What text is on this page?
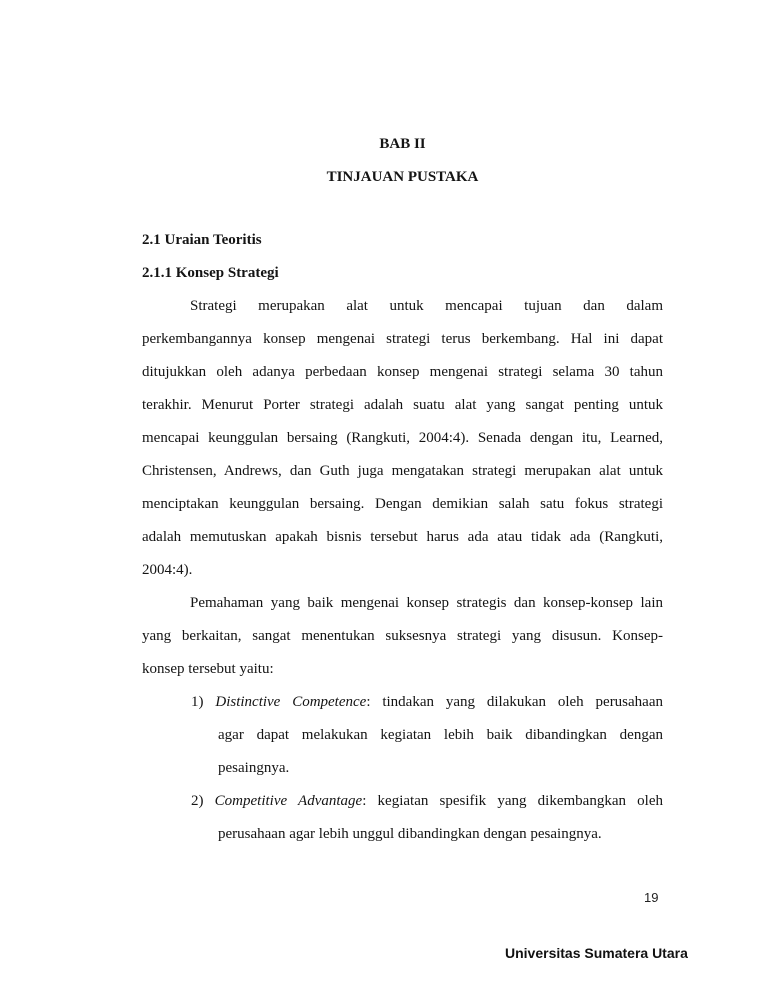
BAB II
TINJAUAN PUSTAKA
2.1 Uraian Teoritis
2.1.1 Konsep Strategi
Strategi merupakan alat untuk mencapai tujuan dan dalam
perkembangannya konsep mengenai strategi terus berkembang. Hal ini dapat
ditujukkan oleh adanya perbedaan konsep mengenai strategi selama 30 tahun
terakhir. Menurut Porter strategi adalah suatu alat yang sangat penting untuk
mencapai keunggulan bersaing (Rangkuti, 2004:4). Senada dengan itu, Learned,
Christensen, Andrews, dan Guth juga mengatakan strategi merupakan alat untuk
menciptakan keunggulan bersaing. Dengan demikian salah satu fokus strategi
adalah memutuskan apakah bisnis tersebut harus ada atau tidak ada (Rangkuti,
2004:4).
Pemahaman yang baik mengenai konsep strategis dan konsep-konsep lain
yang berkaitan, sangat menentukan suksesnya strategi yang disusun. Konsep-
konsep tersebut yaitu:
1) Distinctive Competence: tindakan yang dilakukan oleh perusahaan
agar dapat melakukan kegiatan lebih baik dibandingkan dengan
pesaingnya.
2) Competitive Advantage: kegiatan spesifik yang dikembangkan oleh
perusahaan agar lebih unggul dibandingkan dengan pesaingnya.
19
Universitas Sumatera Utara
